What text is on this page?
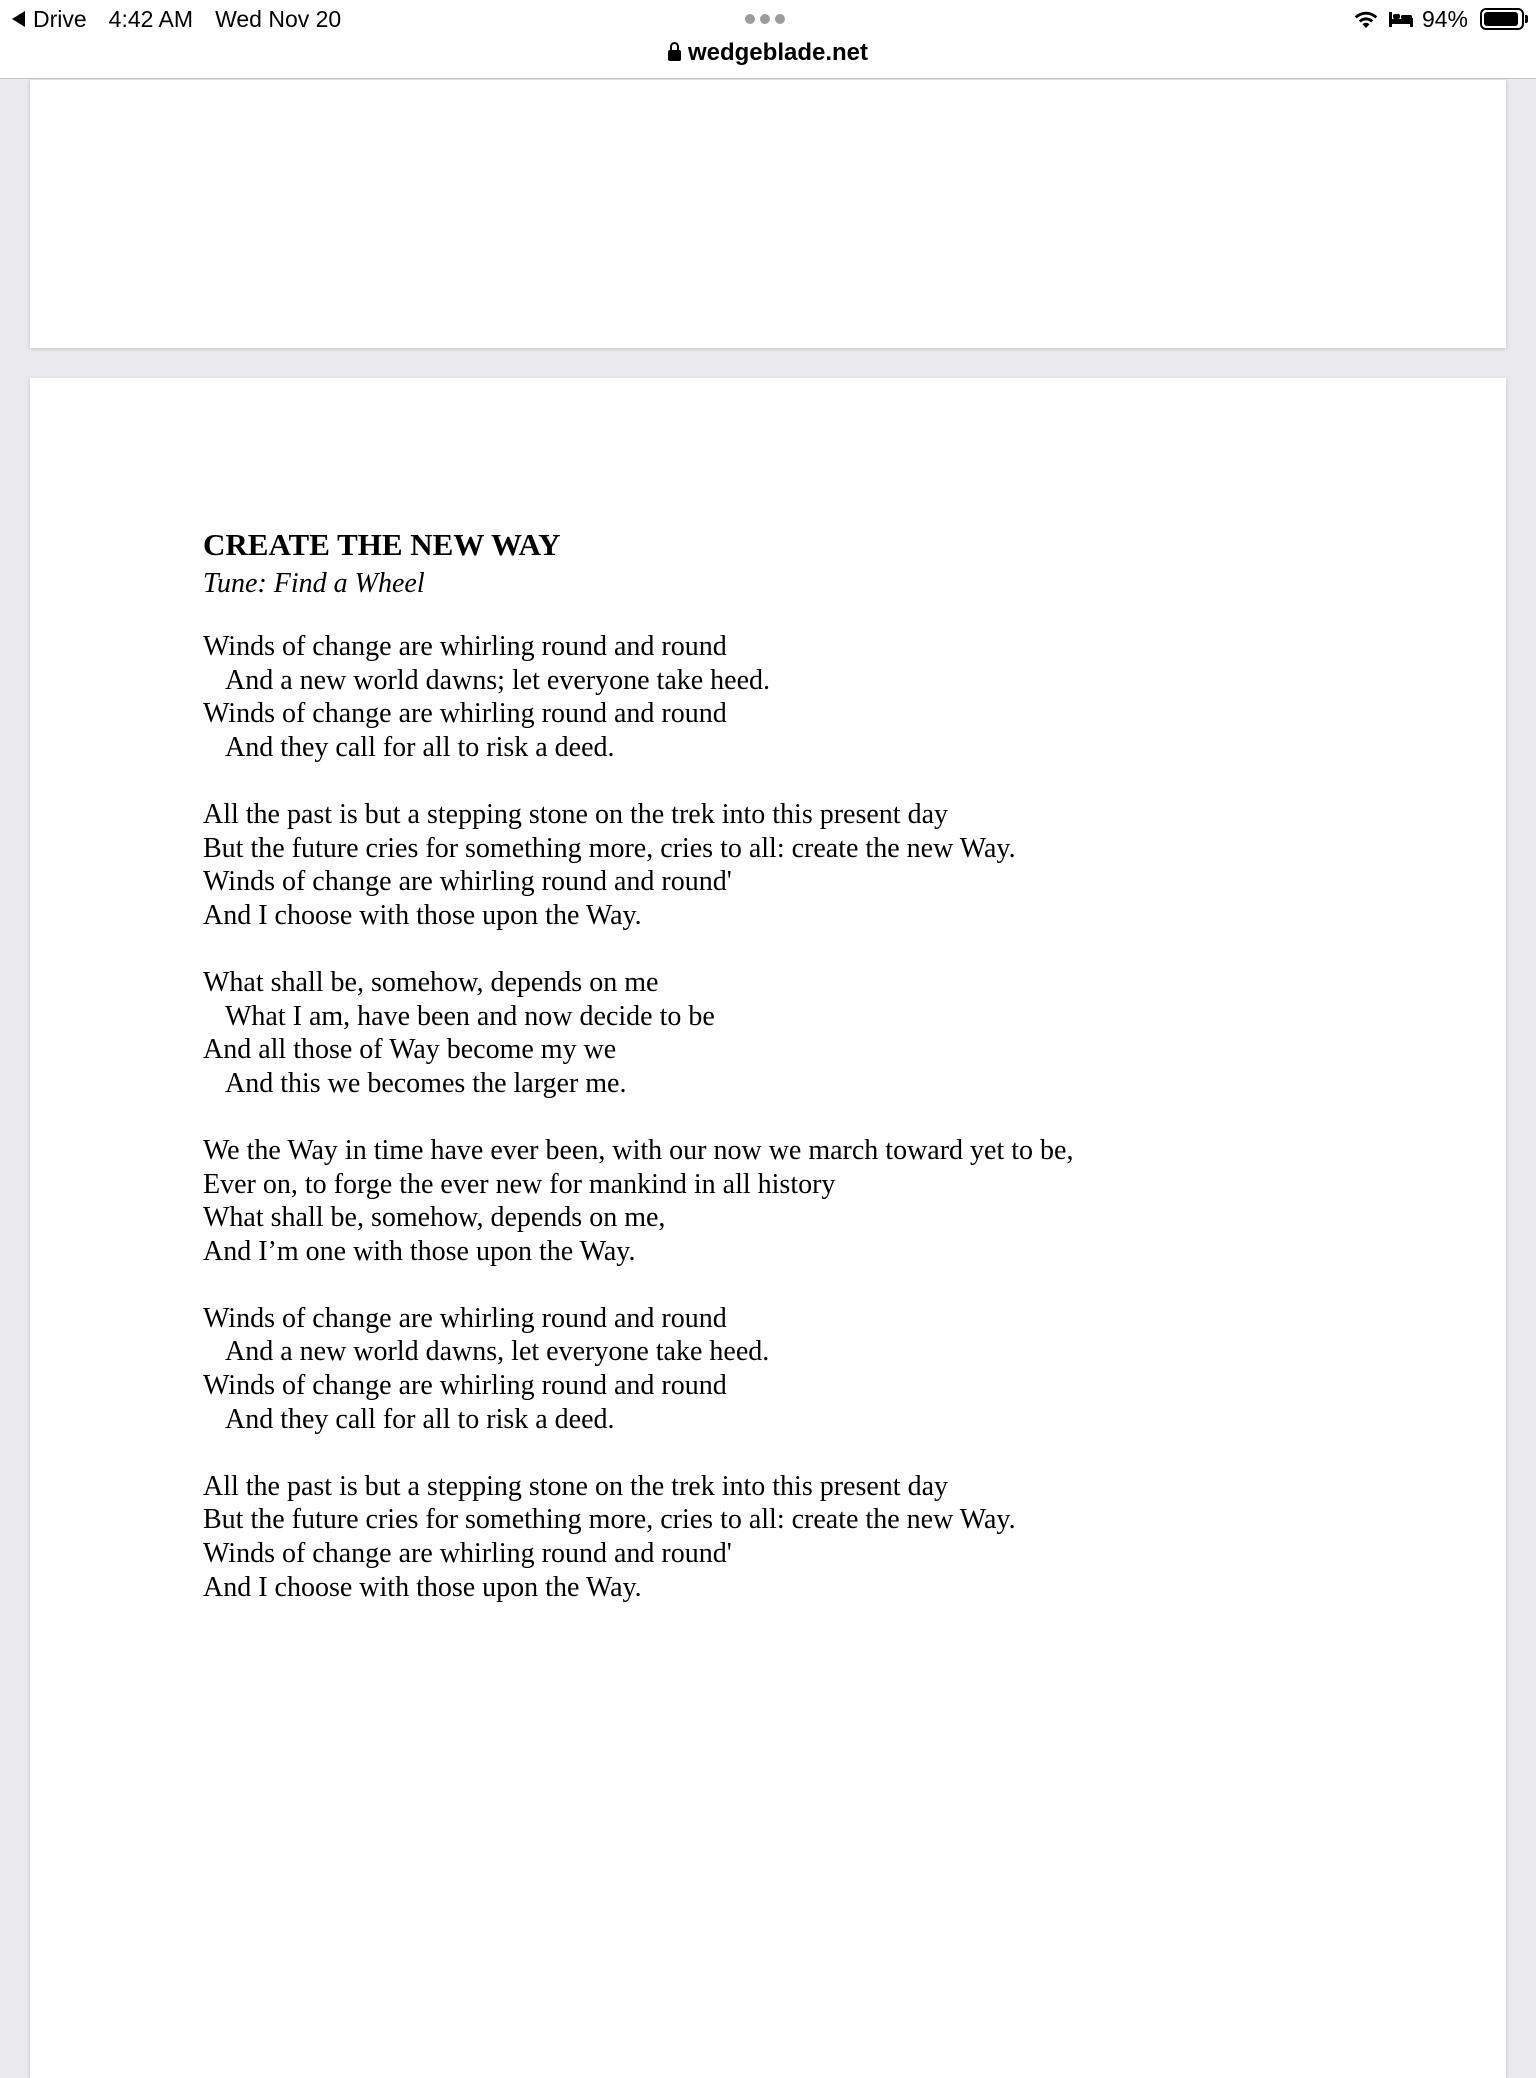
Drive 4:42 AM Wed Nov 20
wedgeblade.net
94%
CREATE THE NEW WAY

Tune: Find a Wheel

Winds of change are whirling round and round
And a new world dawns; let everyone take heed.
Winds of change are whirling round and round
And they call for all to risk a deed.
All the past is but a stepping stone on the trek into this present day
But the future cries for something more, cries to all: create the new Way.
Winds of change are whirling round and round'
And I choose with those upon the Way.
What shall be, somehow, depends on me
What I am, have been and now decide to be
And all those of Way become my we
And this we becomes the larger me.
We the Way in time have ever been, with our now we march toward yet to be,
Ever on, to forge the ever new for mankind in all history
What shall be, somehow, depends on me,
And I’m one with those upon the Way.
Winds of change are whirling round and round
And a new world dawns, let everyone take heed.
Winds of change are whirling round and round
And they call for all to risk a deed.
All the past is but a stepping stone on the trek into this present day
But the future cries for something more, cries to all: create the new Way.
Winds of change are whirling round and round'
And I choose with those upon the Way.
